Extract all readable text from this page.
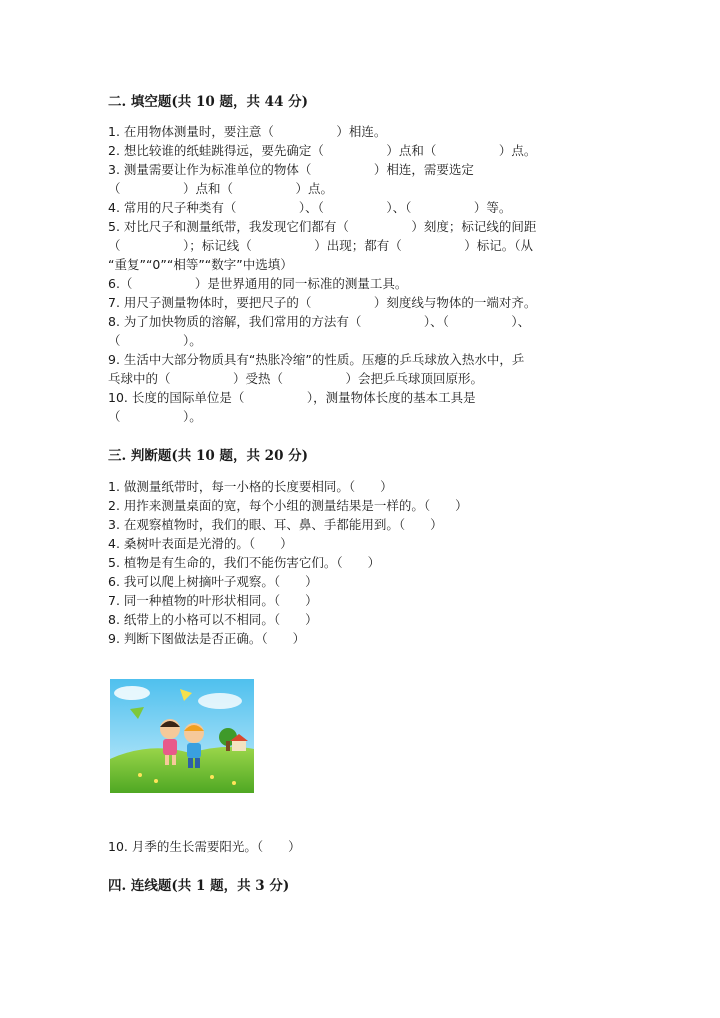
二. 填空题(共 10 题，共 44 分)
1. 在用物体测量时，要注意（　　　　　）相连。
2. 想比较谁的纸蛙跳得远，要先确定（　　　　　）点和（　　　　　）点。
3. 测量需要让作为标准单位的物体（　　　　　）相连，需要选定
（　　　　　）点和（　　　　　）点。
4. 常用的尺子种类有（　　　　　）、（　　　　　）、（　　　　　）等。
5. 对比尺子和测量纸带，我发现它们都有（　　　　　）刻度；标记线的间距
（　　　　　）；标记线（　　　　　）出现；都有（　　　　　）标记。（从
“重复”“0”“相等”“数字”中选填）
6.（　　　　　）是世界通用的同一标准的测量工具。
7. 用尺子测量物体时，要把尺子的（　　　　　）刻度线与物体的一端对齐。
8. 为了加快物质的溶解，我们常用的方法有（　　　　　）、（　　　　　）、
（　　　　　）。
9. 生活中大部分物质具有“热胀冷缩”的性质。压瘪的乒乓球放入热水中，乒
乓球中的（　　　　　）受热（　　　　　）会把乒乓球顶回原形。
10. 长度的国际单位是（　　　　　），测量物体长度的基本工具是
（　　　　　）。
三. 判断题(共 10 题，共 20 分)
1. 做测量纸带时，每一小格的长度要相同。（　　）
2. 用拃来测量桌面的宽，每个小组的测量结果是一样的。（　　）
3. 在观察植物时，我们的眼、耳、鼻、手都能用到。（　　）
4. 桑树叶表面是光滑的。（　　）
5. 植物是有生命的，我们不能伤害它们。（　　）
6. 我可以爬上树摘叶子观察。（　　）
7. 同一种植物的叶形状相同。（　　）
8. 纸带上的小格可以不相同。（　　）
9. 判断下图做法是否正确。（　　）
10. 月季的生长需要阳光。（　　）
四. 连线题(共 1 题，共 3 分)
